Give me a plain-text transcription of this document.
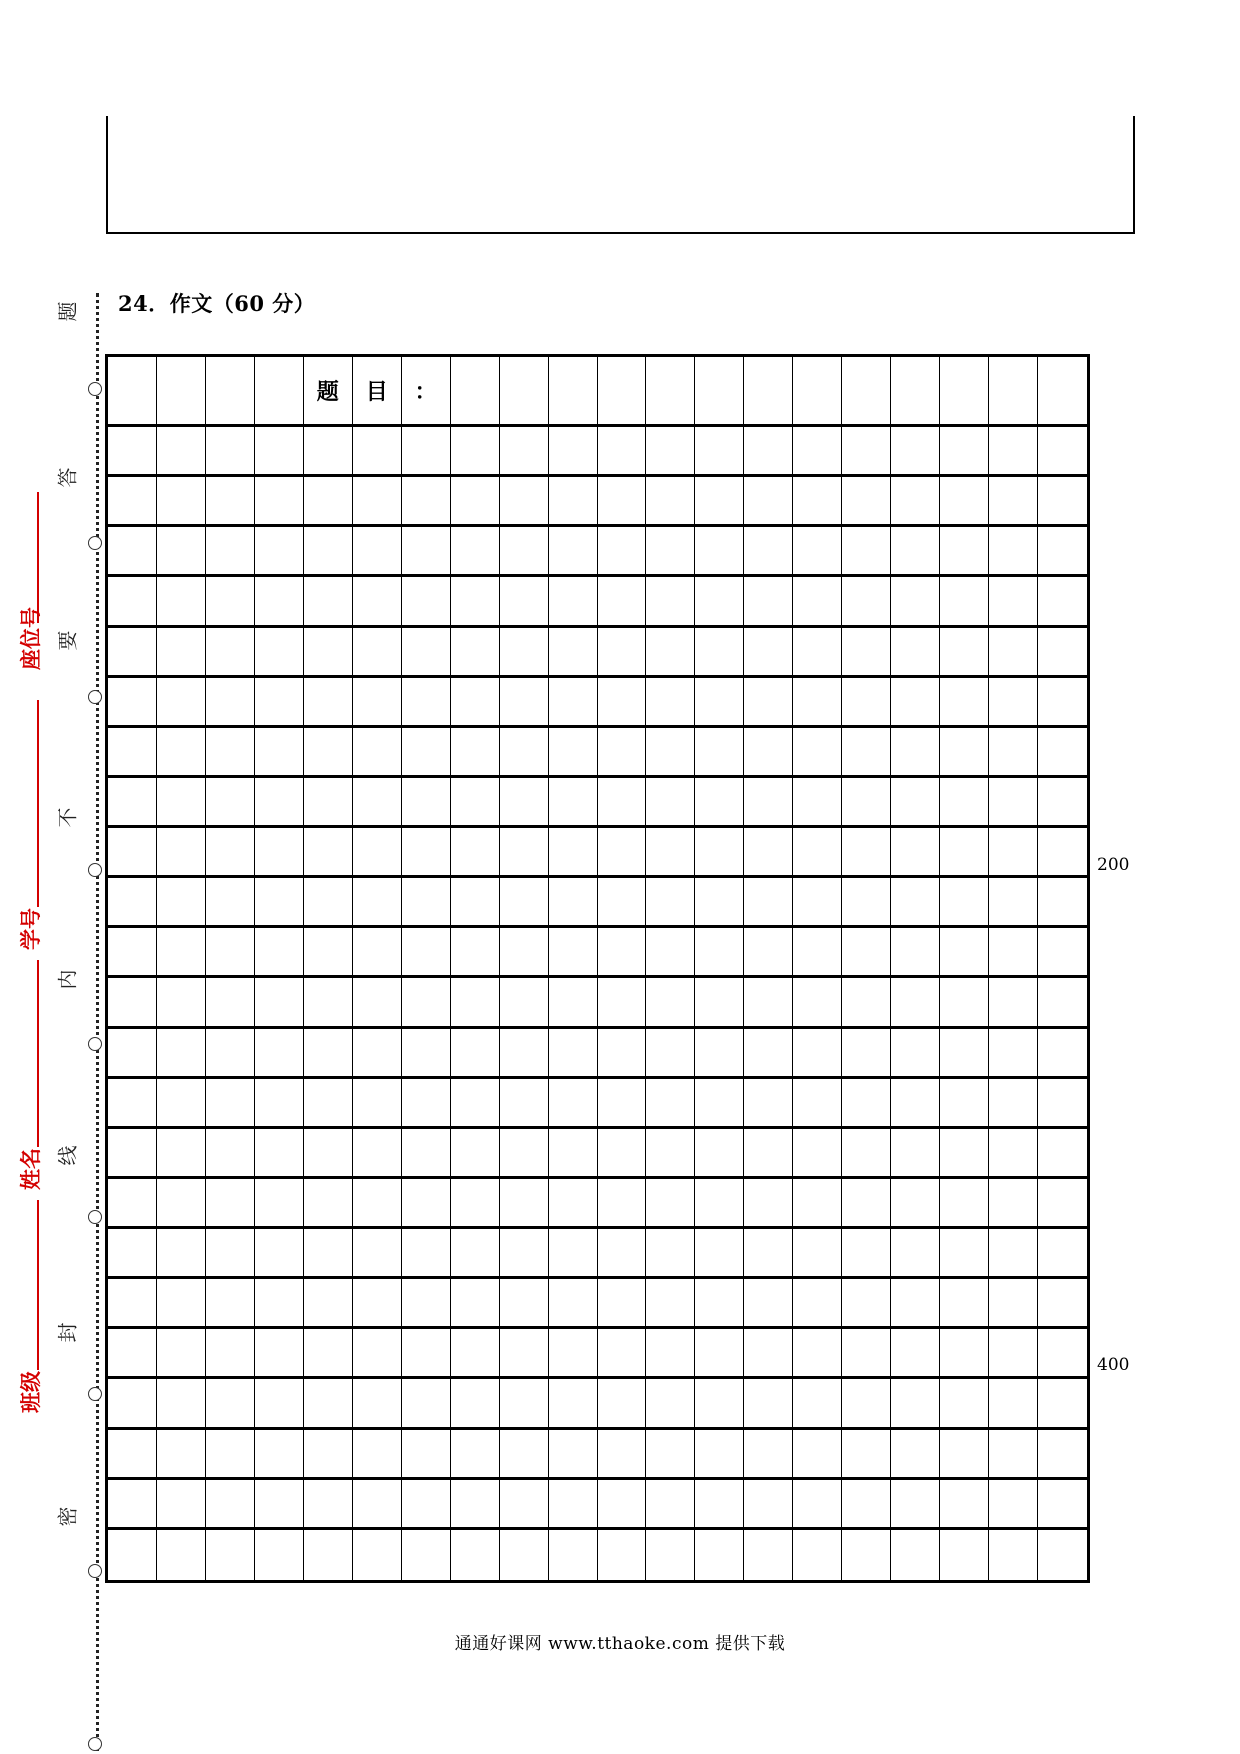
24．作文（60 分）
题
答
要
不
内
线
封
密
座位号
学号
姓名
班级
题	目	：
200
400
通通好课网 www.tthaoke.com 提供下载
